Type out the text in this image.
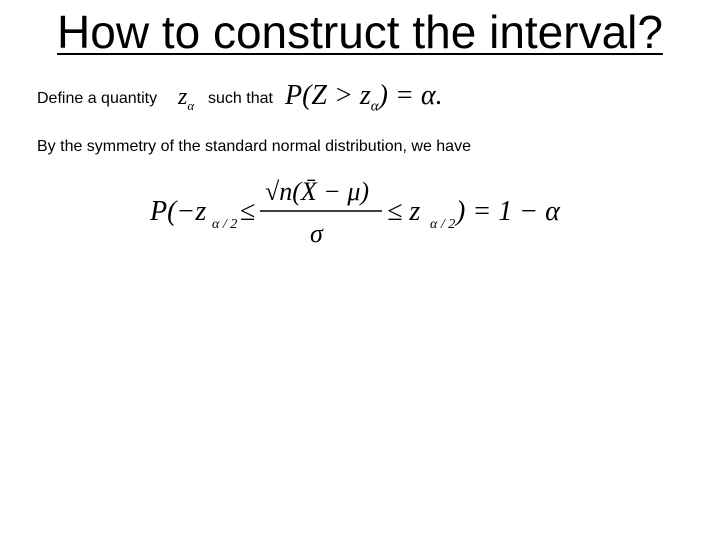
How to construct the interval?
Define a quantity $z_\alpha$ such that $P(Z > z_\alpha) = \alpha$.
By the symmetry of the standard normal distribution, we have
P(−z α / 2 ≤
√n(X̄ − μ)
σ
≤ z α / 2 ) = 1 − α
